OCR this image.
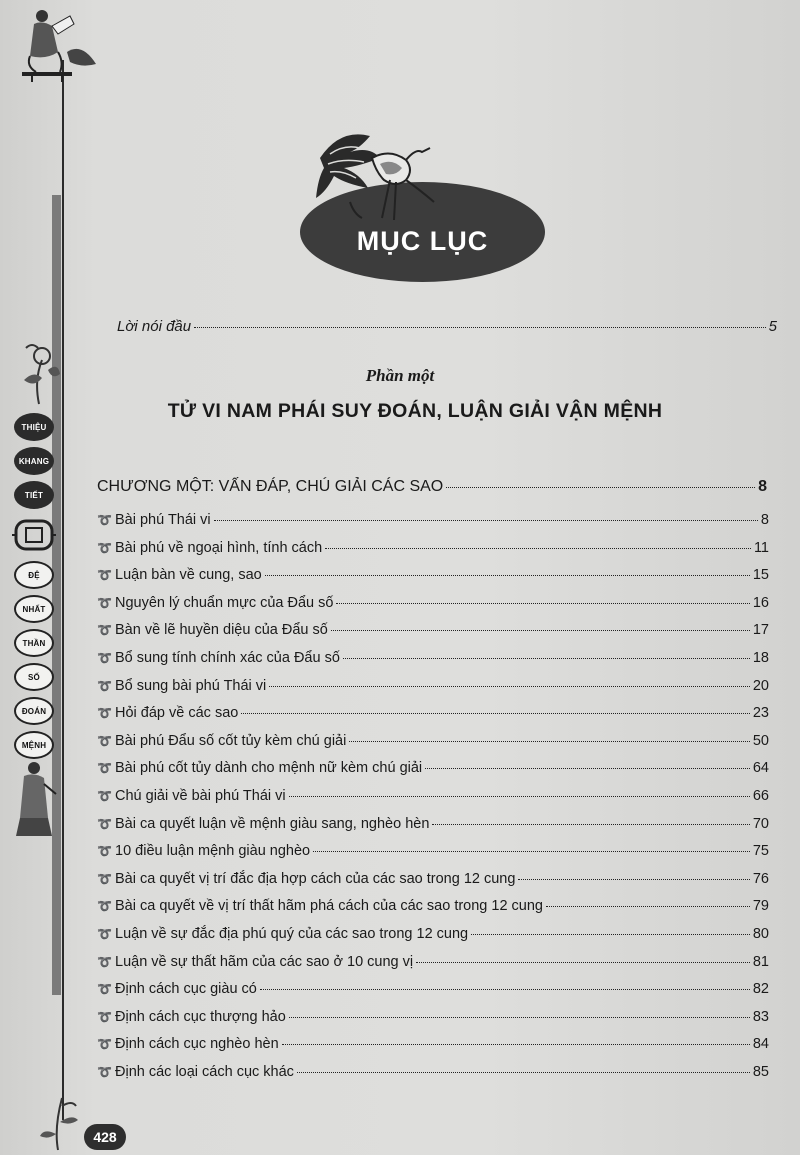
THIỆU
KHANG
TIẾT
ĐỆ
NHẤT
THẦN
SỐ
ĐOÁN
MỆNH
428
MỤC LỤC
Lời nói đầu	5
Phần một
TỬ VI NAM PHÁI SUY ĐOÁN, LUẬN GIẢI VẬN MỆNH
CHƯƠNG MỘT: VẤN ĐÁP, CHÚ GIẢI CÁC SAO	8
➰ Bài phú Thái vi	8
➰ Bài phú về ngoại hình, tính cách	11
➰ Luận bàn về cung, sao	15
➰ Nguyên lý chuẩn mực của Đẩu số	16
➰ Bàn về lẽ huyền diệu của Đẩu số	17
➰ Bổ sung tính chính xác của Đẩu số	18
➰ Bổ sung bài phú Thái vi	20
➰ Hỏi đáp về các sao	23
➰ Bài phú Đẩu số cốt tủy kèm chú giải	50
➰ Bài phú cốt tủy dành cho mệnh nữ kèm chú giải	64
➰ Chú giải về bài phú Thái vi	66
➰ Bài ca quyết luận về mệnh giàu sang, nghèo hèn	70
➰ 10 điều luận mệnh giàu nghèo	75
➰ Bài ca quyết vị trí đắc địa hợp cách của các sao trong 12 cung	76
➰ Bài ca quyết về vị trí thất hãm phá cách của các sao trong 12 cung	79
➰ Luận về sự đắc địa phú quý của các sao trong 12 cung	80
➰ Luận về sự thất hãm của các sao ở 10 cung vị	81
➰ Định cách cục giàu có	82
➰ Định cách cục thượng hảo	83
➰ Định cách cục nghèo hèn	84
➰ Định các loại cách cục khác	85
